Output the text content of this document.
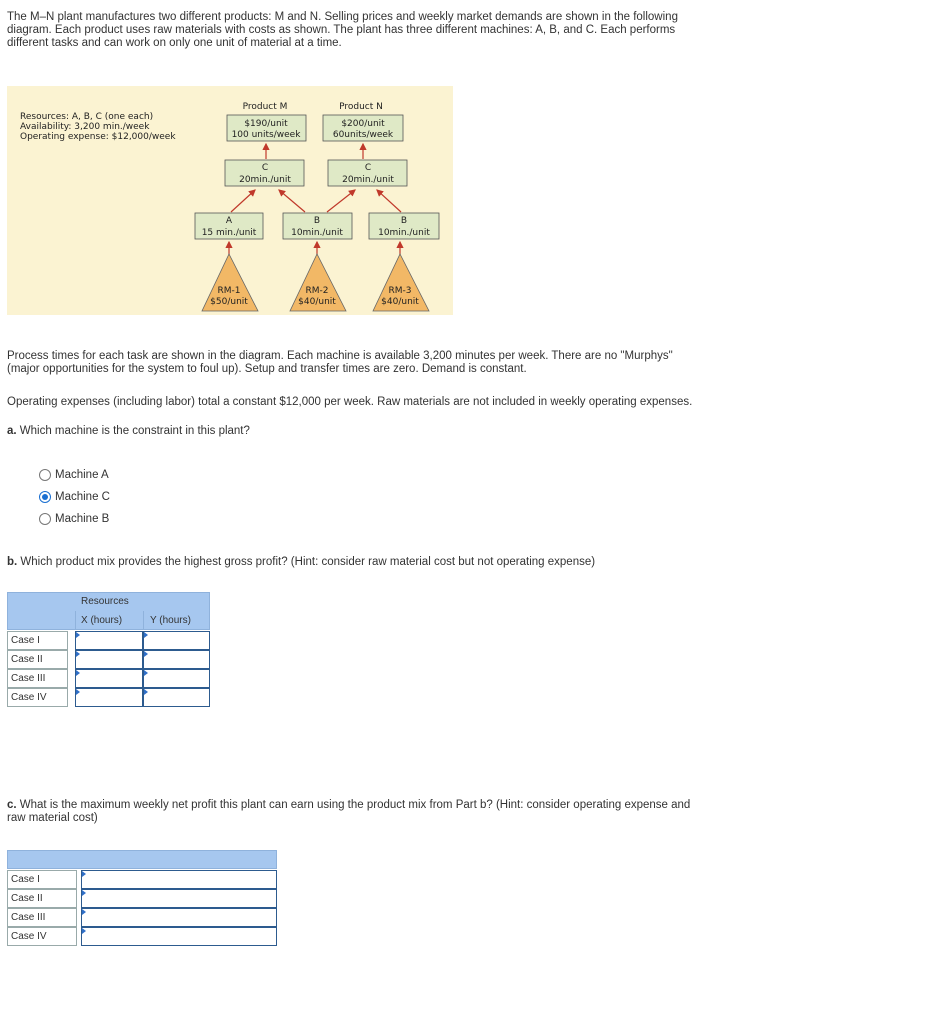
The M–N plant manufactures two different products: M and N. Selling prices and weekly market demands are shown in the following
diagram. Each product uses raw materials with costs as shown. The plant has three different machines: A, B, and C. Each performs
different tasks and can work on only one unit of material at a time.
Resources: A, B, C (one each)
Availability: 3,200 min./week
Operating expense: $12,000/week
Product M
$190/unit
100 units/week
Product N
$200/unit
60units/week
C
20min./unit
C
20min./unit
A
15 min./unit
B
10min./unit
B
10min./unit
RM-1
$50/unit
RM-2
$40/unit
RM-3
$40/unit
Process times for each task are shown in the diagram. Each machine is available 3,200 minutes per week. There are no "Murphys"
(major opportunities for the system to foul up). Setup and transfer times are zero. Demand is constant.
Operating expenses (including labor) total a constant $12,000 per week. Raw materials are not included in weekly operating expenses.
a. Which machine is the constraint in this plant?
Machine A
Machine C
Machine B
b. Which product mix provides the highest gross profit? (Hint: consider raw material cost but not operating expense)
Resources
X (hours)	Y (hours)
Case I
Case II
Case III
Case IV
c. What is the maximum weekly net profit this plant can earn using the product mix from Part b? (Hint: consider operating expense and
raw material cost)
Case I
Case II
Case III
Case IV
